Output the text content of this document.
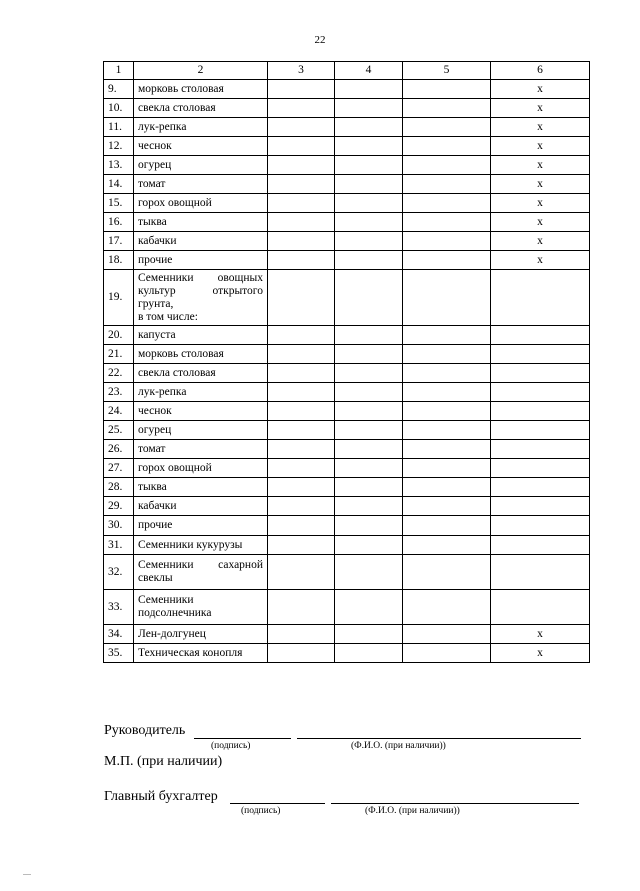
22
1	2	3	4	5	6
9.	морковь столовая				x
10.	свекла столовая				x
11.	лук-репка				x
12.	чеснок				x
13.	огурец				x
14.	томат				x
15.	горох овощной				x
16.	тыква				x
17.	кабачки				x
18.	прочие				x
19.	Семенники овощных культур открытого грунта,
в том числе:				
20.	капуста				
21.	морковь столовая				
22.	свекла столовая				
23.	лук-репка				
24.	чеснок				
25.	огурец				
26.	томат				
27.	горох овощной				
28.	тыква				
29.	кабачки				
30.	прочие				
31.	Семенники кукурузы				
32.	Семенники сахарной свеклы				
33.	Семенники подсолнечника				
34.	Лен-долгунец				x
35.	Техническая конопля				x
Руководитель
(подпись)	(Ф.И.О. (при наличии))
М.П. (при наличии)
Главный бухгалтер
(подпись)	(Ф.И.О. (при наличии))
